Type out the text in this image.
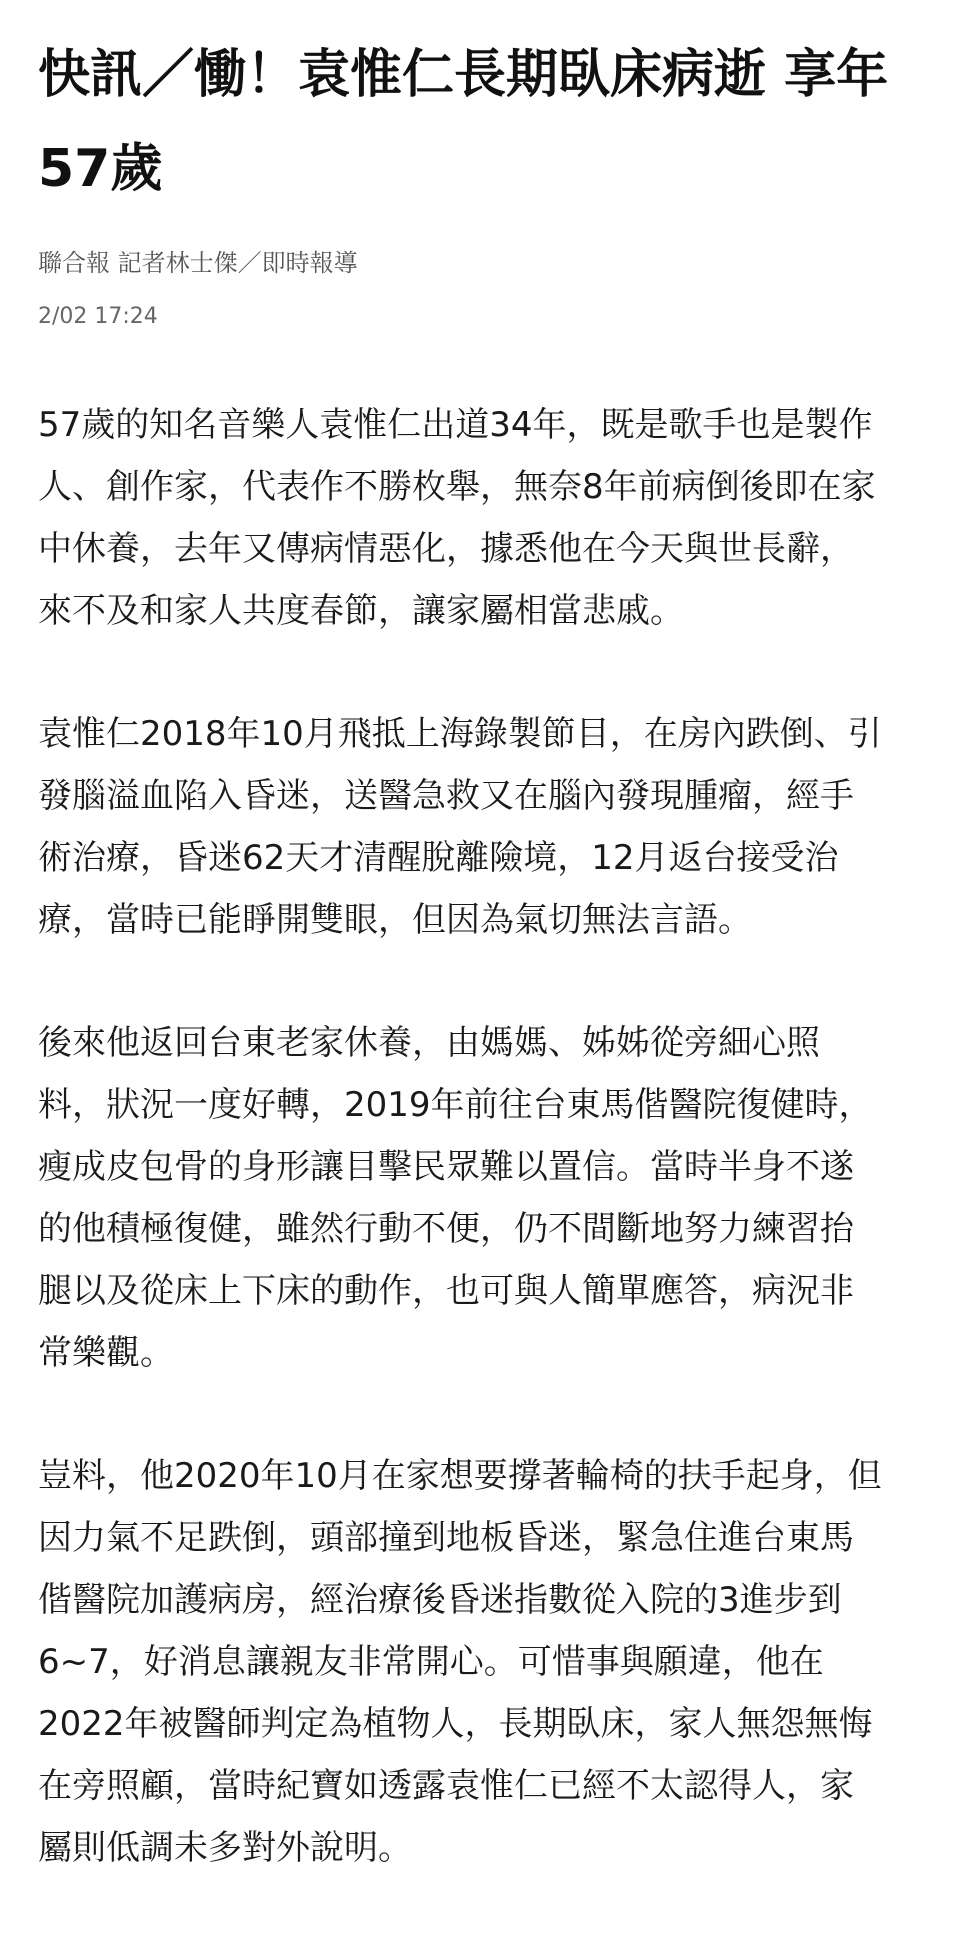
快訊／慟！袁惟仁長期臥床病逝 享年
57歲
聯合報 記者林士傑／即時報導
2/02 17:24

57歲的知名音樂人袁惟仁出道34年，既是歌手也是製作
人、創作家，代表作不勝枚舉，無奈8年前病倒後即在家
中休養，去年又傳病情惡化，據悉他在今天與世長辭，
來不及和家人共度春節，讓家屬相當悲戚。

袁惟仁2018年10月飛抵上海錄製節目，在房內跌倒、引
發腦溢血陷入昏迷，送醫急救又在腦內發現腫瘤，經手
術治療，昏迷62天才清醒脫離險境，12月返台接受治
療，當時已能睜開雙眼，但因為氣切無法言語。

後來他返回台東老家休養，由媽媽、姊姊從旁細心照
料，狀況一度好轉，2019年前往台東馬偕醫院復健時，
瘦成皮包骨的身形讓目擊民眾難以置信。當時半身不遂
的他積極復健，雖然行動不便，仍不間斷地努力練習抬
腿以及從床上下床的動作，也可與人簡單應答，病況非
常樂觀。

豈料，他2020年10月在家想要撐著輪椅的扶手起身，但
因力氣不足跌倒，頭部撞到地板昏迷，緊急住進台東馬
偕醫院加護病房，經治療後昏迷指數從入院的3進步到
6~7，好消息讓親友非常開心。可惜事與願違，他在
2022年被醫師判定為植物人，長期臥床，家人無怨無悔
在旁照顧，當時紀寶如透露袁惟仁已經不太認得人，家
屬則低調未多對外說明。
